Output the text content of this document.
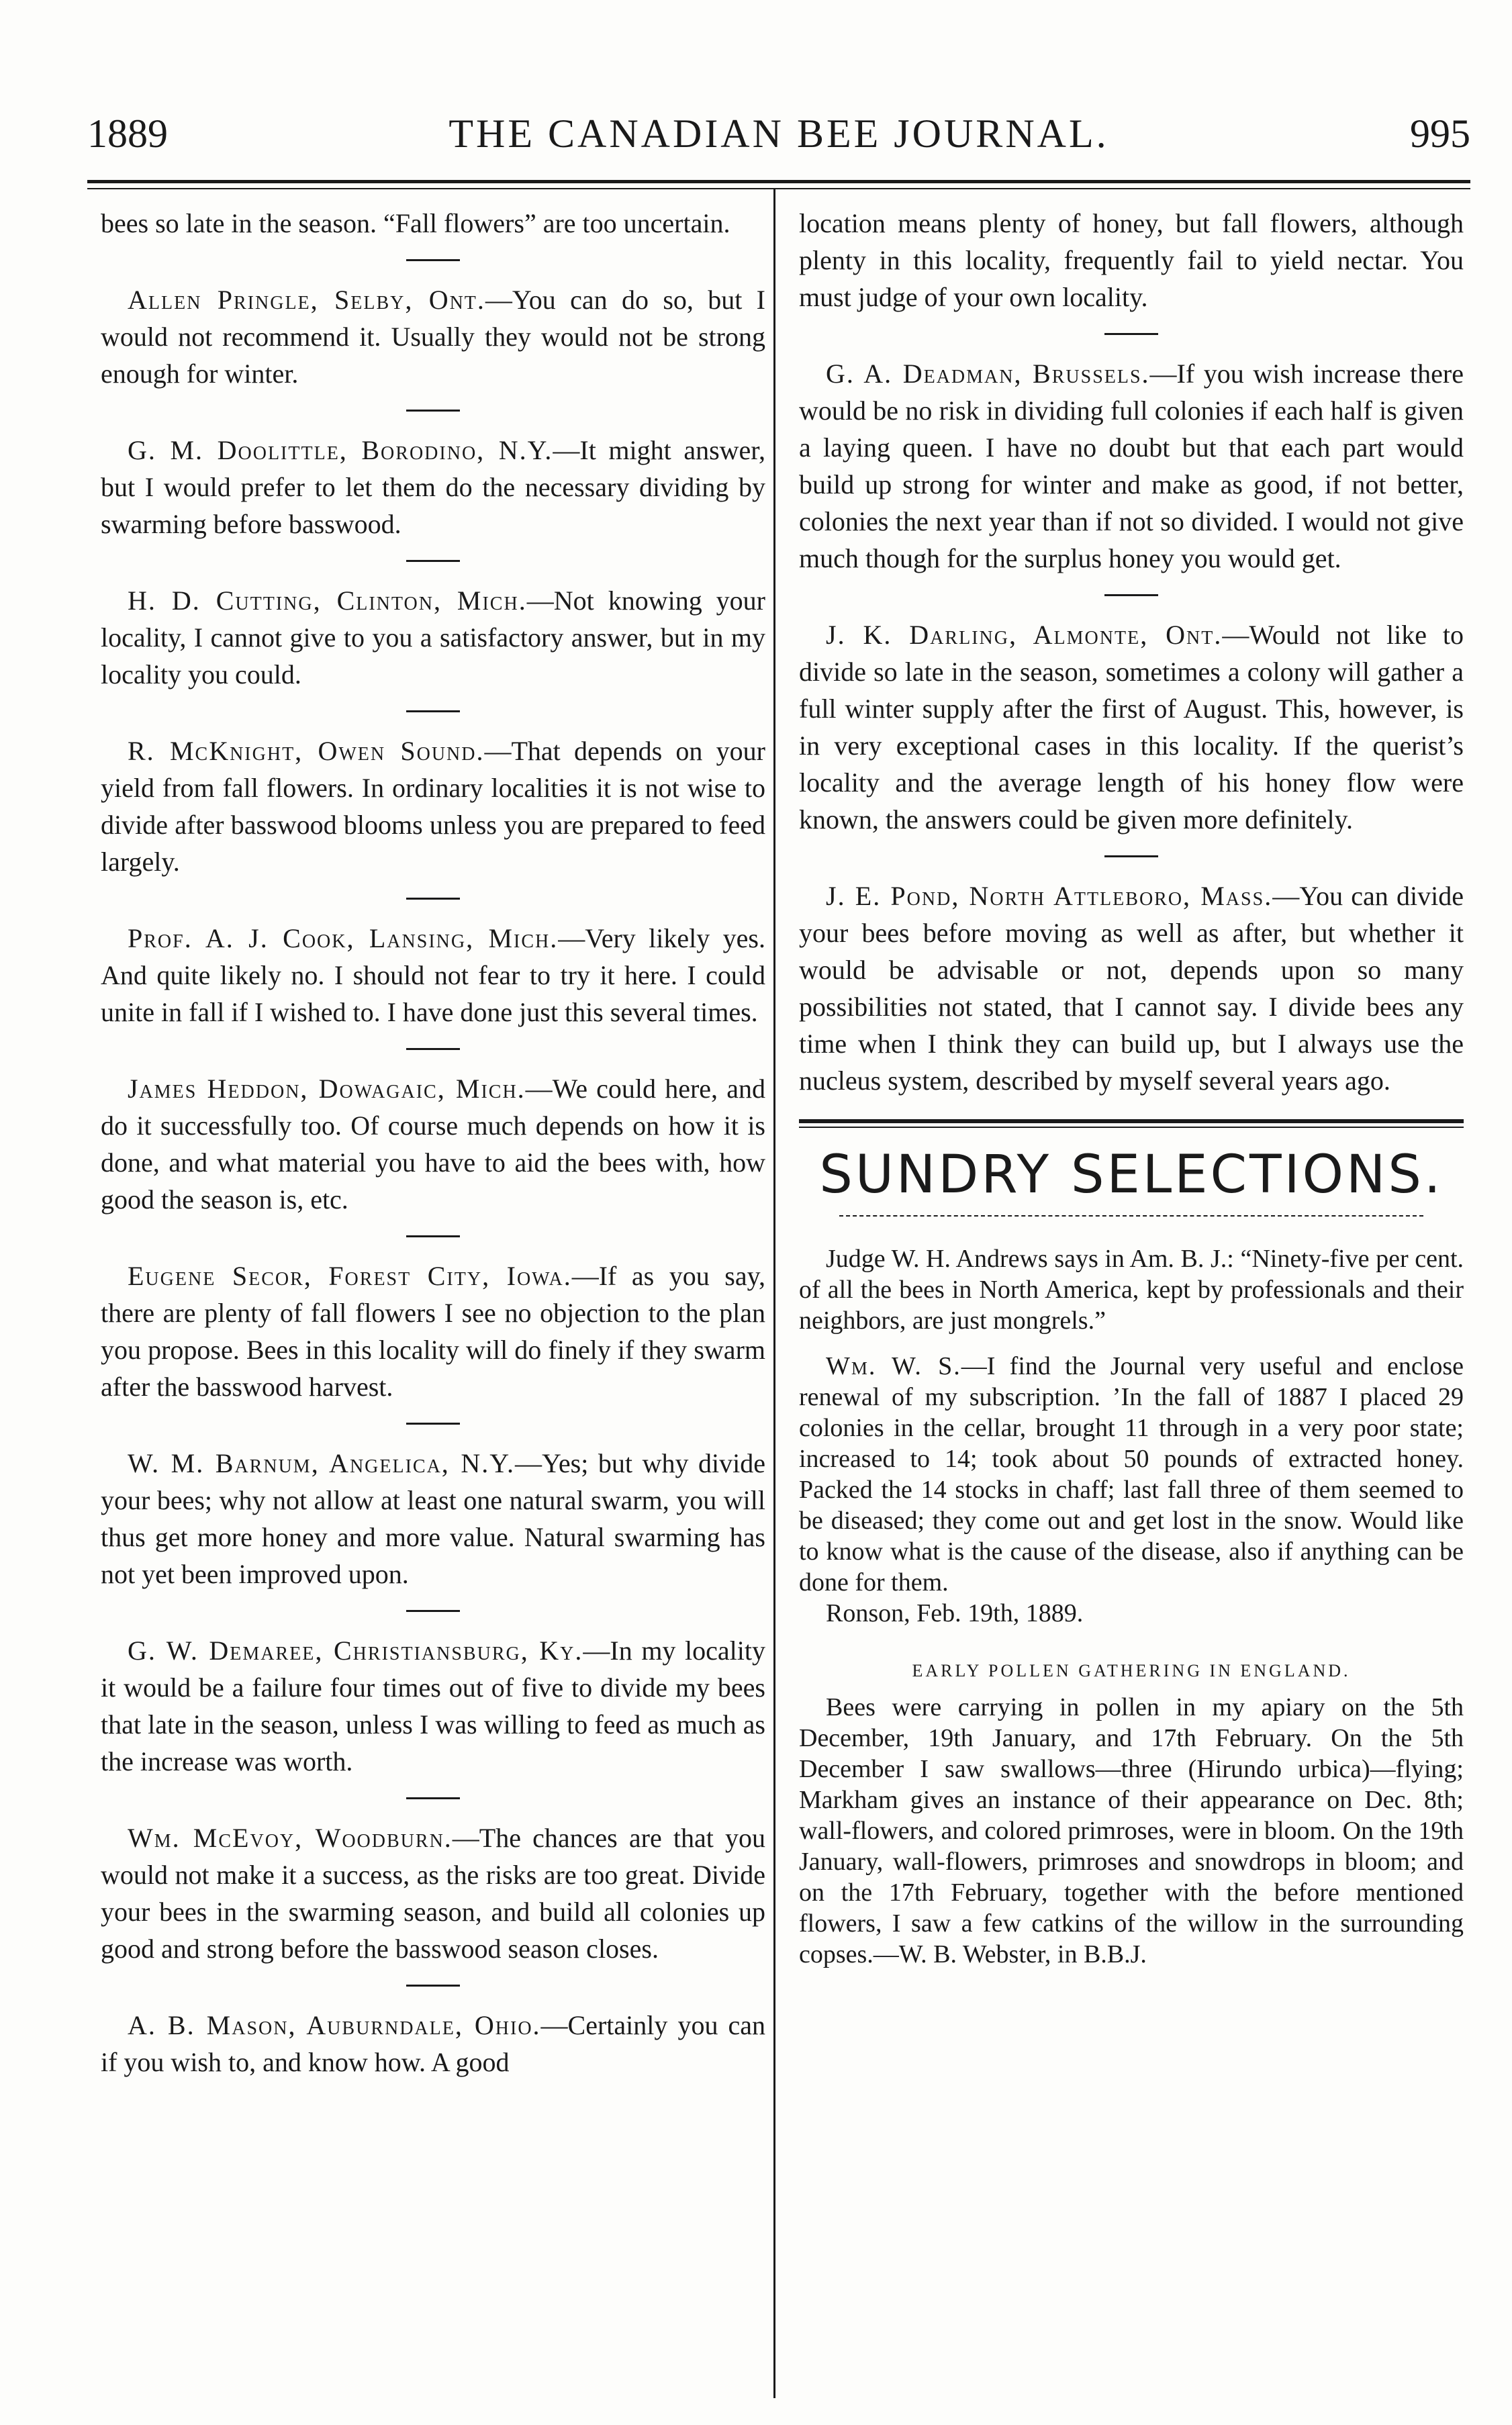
1889	THE CANADIAN BEE JOURNAL.	995

bees so late in the season. “Fall flowers” are too uncertain.

Allen Pringle, Selby, Ont.—You can do so, but I would not recommend it. Usually they would not be strong enough for winter.

G. M. Doolittle, Borodino, N.Y.—It might answer, but I would prefer to let them do the necessary dividing by swarming before basswood.

H. D. Cutting, Clinton, Mich.—Not knowing your locality, I cannot give to you a satisfactory answer, but in my locality you could.

R. McKnight, Owen Sound.—That depends on your yield from fall flowers. In ordinary localities it is not wise to divide after basswood blooms unless you are prepared to feed largely.

Prof. A. J. Cook, Lansing, Mich.—Very likely yes. And quite likely no. I should not fear to try it here. I could unite in fall if I wished to. I have done just this several times.

James Heddon, Dowagaic, Mich.—We could here, and do it successfully too. Of course much depends on how it is done, and what material you have to aid the bees with, how good the season is, etc.

Eugene Secor, Forest City, Iowa.—If as you say, there are plenty of fall flowers I see no objection to the plan you propose. Bees in this locality will do finely if they swarm after the basswood harvest.

W. M. Barnum, Angelica, N.Y.—Yes; but why divide your bees; why not allow at least one natural swarm, you will thus get more honey and more value. Natural swarming has not yet been improved upon.

G. W. Demaree, Christiansburg, Ky.—In my locality it would be a failure four times out of five to divide my bees that late in the season, unless I was willing to feed as much as the increase was worth.

Wm. McEvoy, Woodburn.—The chances are that you would not make it a success, as the risks are too great. Divide your bees in the swarming season, and build all colonies up good and strong before the basswood season closes.

A. B. Mason, Auburndale, Ohio.—Certainly you can if you wish to, and know how. A good

location means plenty of honey, but fall flowers, although plenty in this locality, frequently fail to yield nectar. You must judge of your own locality.

G. A. Deadman, Brussels.—If you wish increase there would be no risk in dividing full colonies if each half is given a laying queen. I have no doubt but that each part would build up strong for winter and make as good, if not better, colonies the next year than if not so divided. I would not give much though for the surplus honey you would get.

J. K. Darling, Almonte, Ont.—Would not like to divide so late in the season, sometimes a colony will gather a full winter supply after the first of August. This, however, is in very exceptional cases in this locality. If the querist’s locality and the average length of his honey flow were known, the answers could be given more definitely.

J. E. Pond, North Attleboro, Mass.—You can divide your bees before moving as well as after, but whether it would be advisable or not, depends upon so many possibilities not stated, that I cannot say. I divide bees any time when I think they can build up, but I always use the nucleus system, described by myself several years ago.

SUNDRY SELECTIONS.

Judge W. H. Andrews says in Am. B. J.: “Ninety-five per cent. of all the bees in North America, kept by professionals and their neighbors, are just mongrels.”

Wm. W. S.—I find the Journal very useful and enclose renewal of my subscription. ’In the fall of 1887 I placed 29 colonies in the cellar, brought 11 through in a very poor state; increased to 14; took about 50 pounds of extracted honey. Packed the 14 stocks in chaff; last fall three of them seemed to be diseased; they come out and get lost in the snow. Would like to know what is the cause of the disease, also if anything can be done for them.

Ronson, Feb. 19th, 1889.

EARLY POLLEN GATHERING IN ENGLAND.

Bees were carrying in pollen in my apiary on the 5th December, 19th January, and 17th February. On the 5th December I saw swallows—three (Hirundo urbica)—flying; Markham gives an instance of their appearance on Dec. 8th; wall-flowers, and colored primroses, were in bloom. On the 19th January, wall-flowers, primroses and snowdrops in bloom; and on the 17th February, together with the before mentioned flowers, I saw a few catkins of the willow in the surrounding copses.—W. B. Webster, in B.B.J.
